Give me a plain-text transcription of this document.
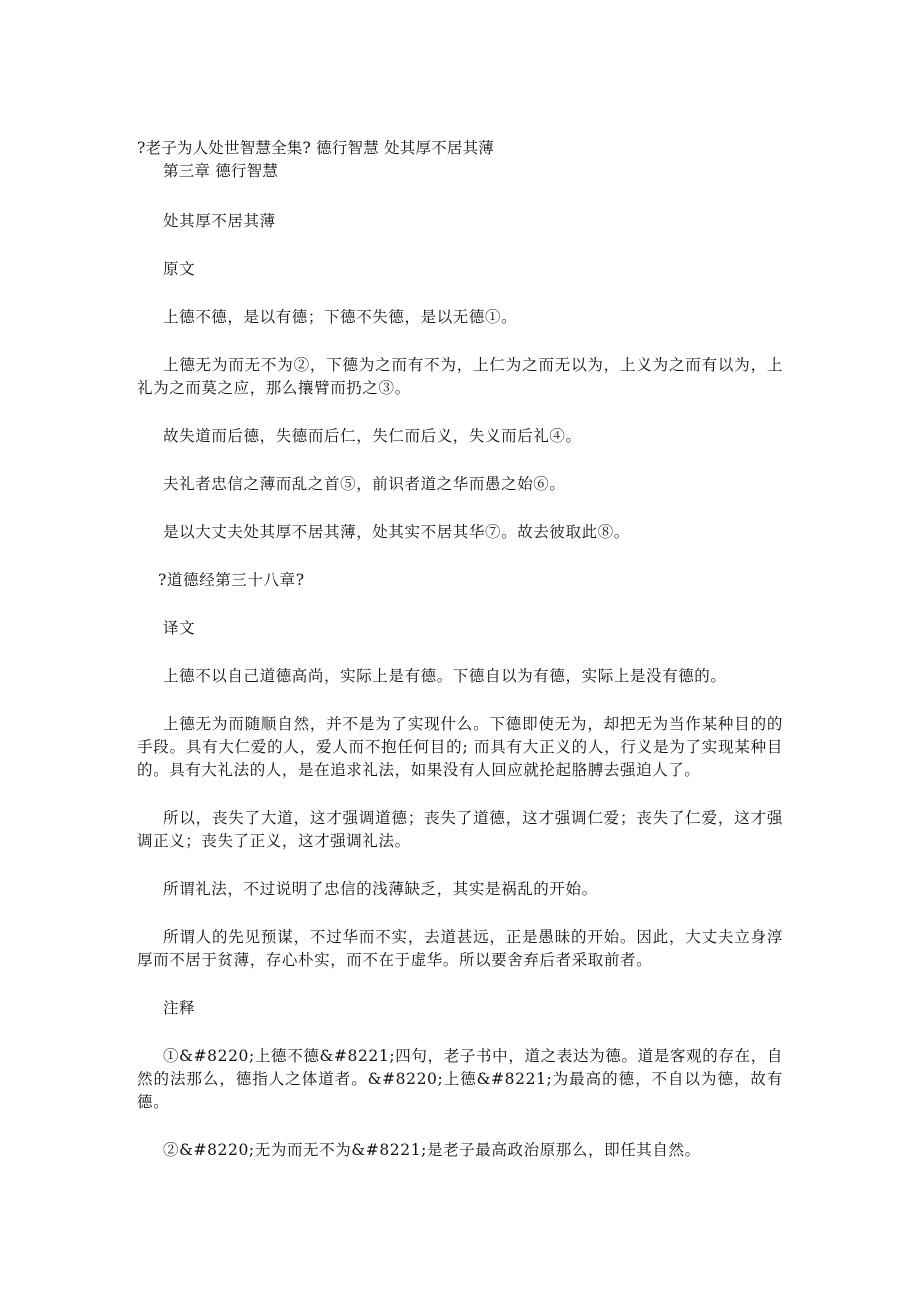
?老子为人处世智慧全集? 德行智慧 处其厚不居其薄

第三章 德行智慧

处其厚不居其薄

原文

上德不德，是以有德；下德不失德，是以无德①。

上德无为而无不为②，下德为之而有不为，上仁为之而无以为，上义为之而有以为，上礼为之而莫之应，那么攘臂而扔之③。

故失道而后德，失德而后仁，失仁而后义，失义而后礼④。

夫礼者忠信之薄而乱之首⑤，前识者道之华而愚之始⑥。

是以大丈夫处其厚不居其薄，处其实不居其华⑦。故去彼取此⑧。

?道德经第三十八章?

译文

上德不以自己道德高尚，实际上是有德。下德自以为有德，实际上是没有德的。

上德无为而随顺自然，并不是为了实现什么。下德即使无为，却把无为当作某种目的的手段。具有大仁爱的人，爱人而不抱任何目的; 而具有大正义的人，行义是为了实现某种目的。具有大礼法的人，是在追求礼法，如果没有人回应就抡起胳膊去强迫人了。

所以，丧失了大道，这才强调道德；丧失了道德，这才强调仁爱；丧失了仁爱，这才强调正义；丧失了正义，这才强调礼法。

所谓礼法，不过说明了忠信的浅薄缺乏，其实是祸乱的开始。

所谓人的先见预谋，不过华而不实，去道甚远，正是愚昧的开始。因此，大丈夫立身淳厚而不居于贫薄，存心朴实，而不在于虚华。所以要舍弃后者采取前者。

注释

①&#8220;上德不德&#8221;四句，老子书中，道之表达为德。道是客观的存在，自然的法那么，德指人之体道者。&#8220;上德&#8221;为最高的德，不自以为德，故有德。

②&#8220;无为而无不为&#8221;是老子最高政治原那么，即任其自然。
